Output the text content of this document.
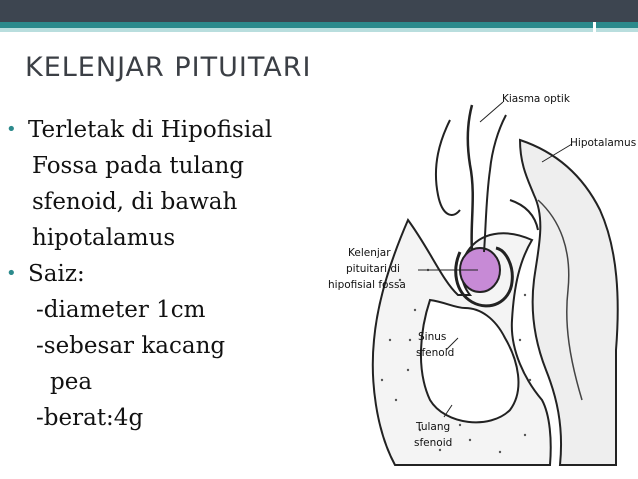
KELENJAR PITUITARI
• Terletak di Hipofisial
Fossa pada tulang
sfenoid, di bawah
hipotalamus
• Saiz:
-diameter 1cm
-sebesar kacang
pea
-berat:4g
Kiasma optik
Hipotalamus
Kelenjar
pituitari di
hipofisial fossa
Sinus
sfenoid
Tulang
sfenoid
